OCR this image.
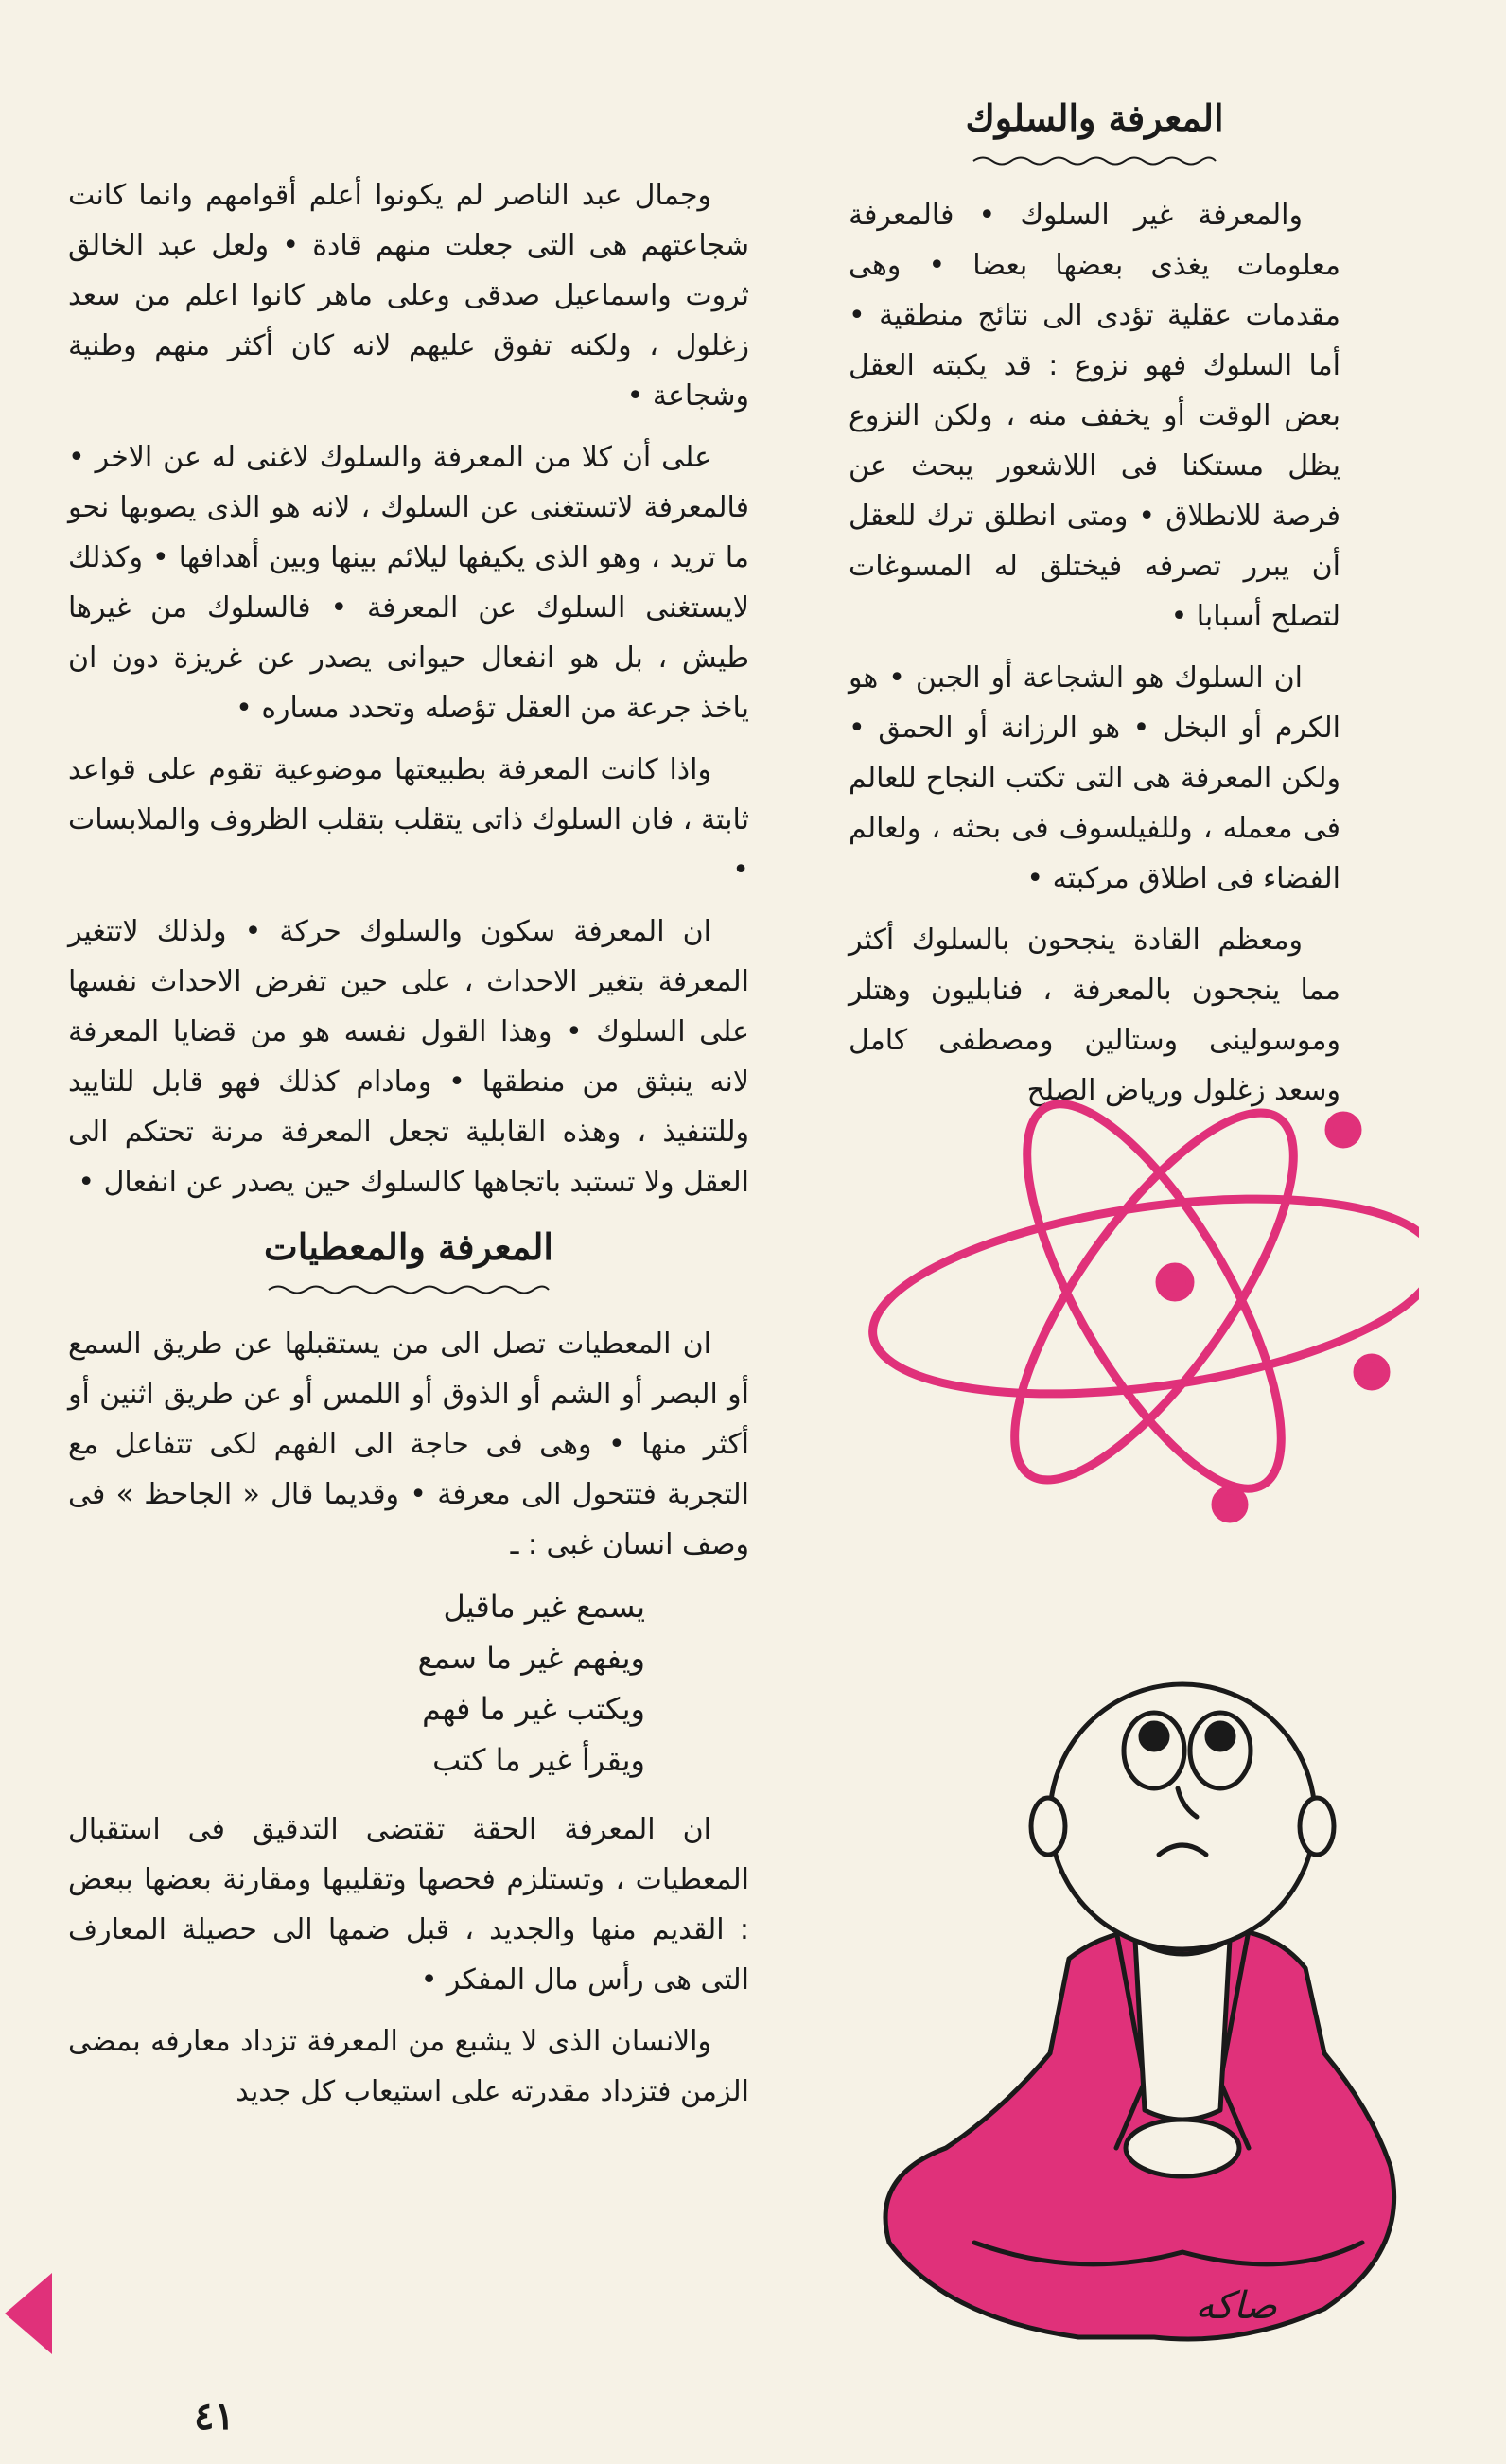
المعرفة والسلوك

والمعرفة غير السلوك • فالمعرفة معلومات يغذى بعضها بعضا • وهى مقدمات عقلية تؤدى الى نتائج منطقية • أما السلوك فهو نزوع : قد يكبته العقل بعض الوقت أو يخفف منه ، ولكن النزوع يظل مستكنا فى اللاشعور يبحث عن فرصة للانطلاق • ومتى انطلق ترك للعقل أن يبرر تصرفه فيختلق له المسوغات لتصلح أسبابا •

ان السلوك هو الشجاعة أو الجبن • هو الكرم أو البخل • هو الرزانة أو الحمق • ولكن المعرفة هى التى تكتب النجاح للعالم فى معمله ، وللفيلسوف فى بحثه ، ولعالم الفضاء فى اطلاق مركبته •

ومعظم القادة ينجحون بالسلوك أكثر مما ينجحون بالمعرفة ، فنابليون وهتلر وموسولينى وستالين ومصطفى كامل وسعد زغلول ورياض الصلح

وجمال عبد الناصر لم يكونوا أعلم أقوامهم وانما كانت شجاعتهم هى التى جعلت منهم قادة • ولعل عبد الخالق ثروت واسماعيل صدقى وعلى ماهر كانوا اعلم من سعد زغلول ، ولكنه تفوق عليهم لانه كان أكثر منهم وطنية وشجاعة •

على أن كلا من المعرفة والسلوك لاغنى له عن الاخر • فالمعرفة لاتستغنى عن السلوك ، لانه هو الذى يصوبها نحو ما تريد ، وهو الذى يكيفها ليلائم بينها وبين أهدافها • وكذلك لايستغنى السلوك عن المعرفة • فالسلوك من غيرها طيش ، بل هو انفعال حيوانى يصدر عن غريزة دون ان ياخذ جرعة من العقل تؤصله وتحدد مساره •

واذا كانت المعرفة بطبيعتها موضوعية تقوم على قواعد ثابتة ، فان السلوك ذاتى يتقلب بتقلب الظروف والملابسات •

ان المعرفة سكون والسلوك حركة • ولذلك لاتتغير المعرفة بتغير الاحداث ، على حين تفرض الاحداث نفسها على السلوك • وهذا القول نفسه هو من قضايا المعرفة لانه ينبثق من منطقها • ومادام كذلك فهو قابل للتاييد وللتنفيذ ، وهذه القابلية تجعل المعرفة مرنة تحتكم الى العقل ولا تستبد باتجاهها كالسلوك حين يصدر عن انفعال •

المعرفة والمعطيات

ان المعطيات تصل الى من يستقبلها عن طريق السمع أو البصر أو الشم أو الذوق أو اللمس أو عن طريق اثنين أو أكثر منها • وهى فى حاجة الى الفهم لكى تتفاعل مع التجربة فتتحول الى معرفة • وقديما قال « الجاحظ » فى وصف انسان غبى : ـ

يسمع غير ماقيل
ويفهم غير ما سمع
ويكتب غير ما فهم
ويقرأ غير ما كتب

ان المعرفة الحقة تقتضى التدقيق فى استقبال المعطيات ، وتستلزم فحصها وتقليبها ومقارنة بعضها ببعض : القديم منها والجديد ، قبل ضمها الى حصيلة المعارف التى هى رأس مال المفكر •

والانسان الذى لا يشبع من المعرفة تزداد معارفه بمضى الزمن فتزداد مقدرته على استيعاب كل جديد

صاكه
٤١
